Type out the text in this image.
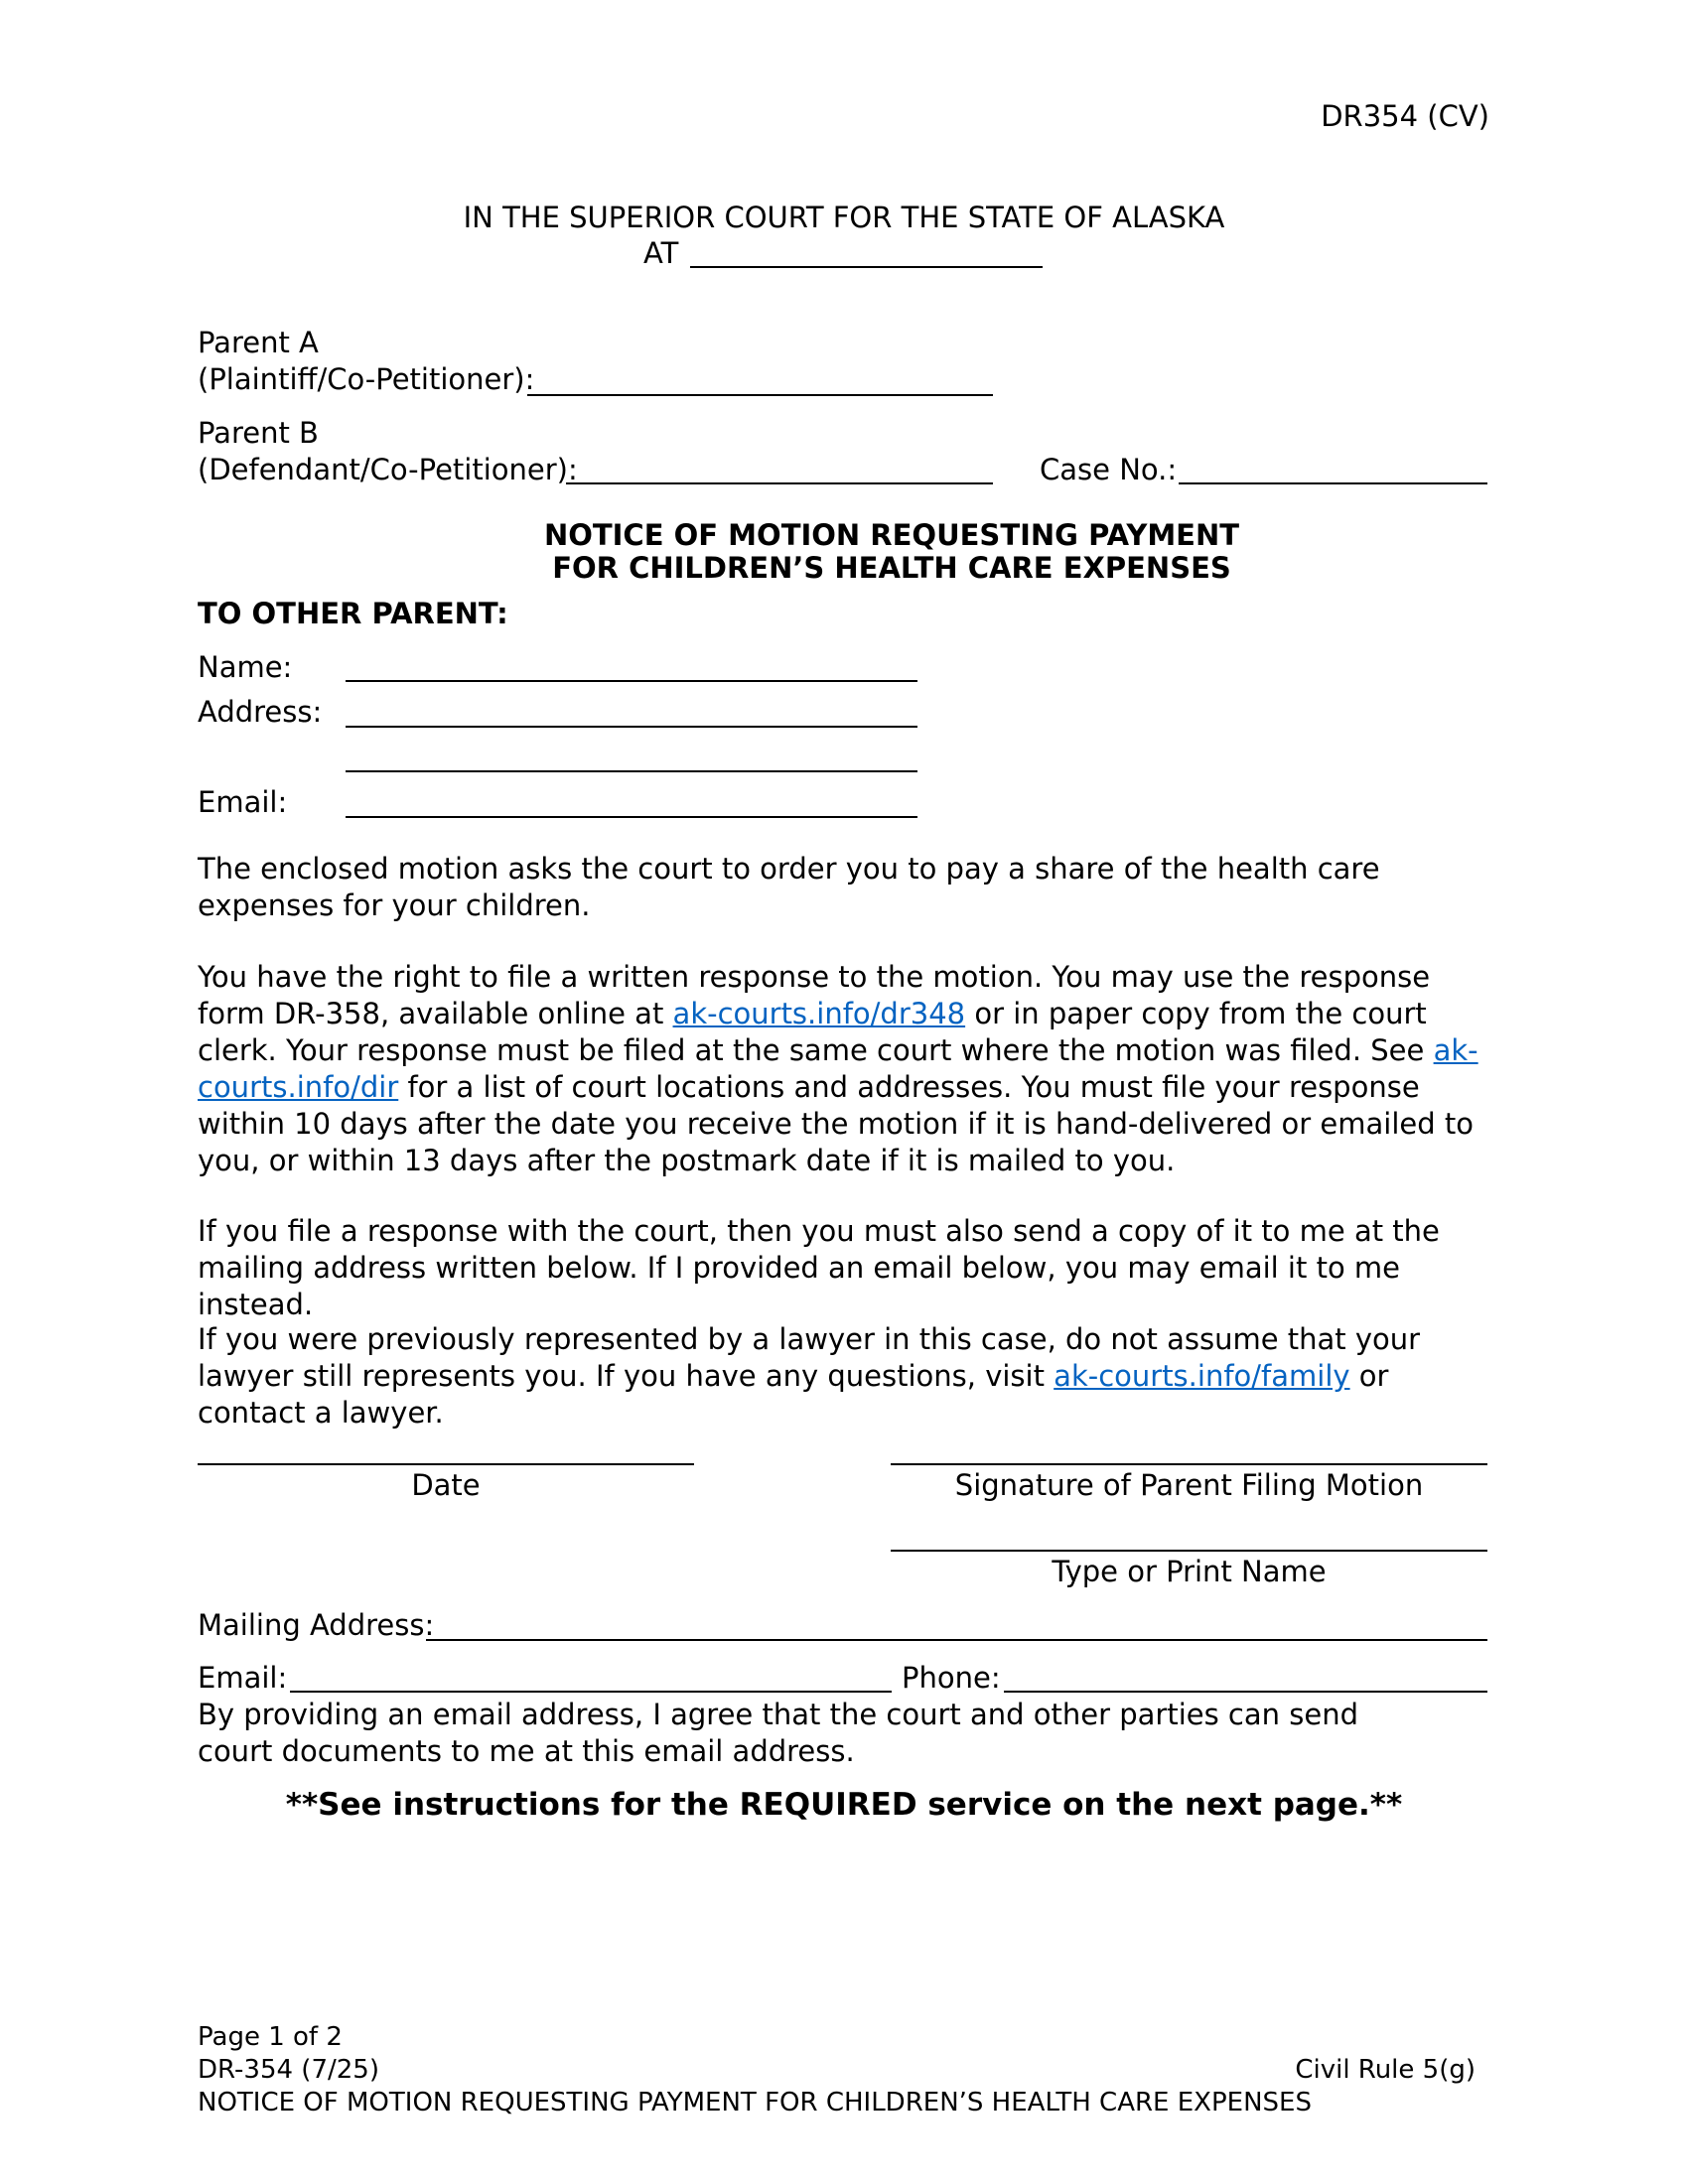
DR354 (CV)
IN THE SUPERIOR COURT FOR THE STATE OF ALASKA
AT
Parent A
(Plaintiff/Co-Petitioner):
Parent B
(Defendant/Co-Petitioner):	Case No.:
NOTICE OF MOTION REQUESTING PAYMENT
FOR CHILDREN’S HEALTH CARE EXPENSES
TO OTHER PARENT:
Name:
Address:
Email:
The enclosed motion asks the court to order you to pay a share of the health care expenses for your children.
You have the right to file a written response to the motion. You may use the response form DR-358, available online at ak-courts.info/dr348 or in paper copy from the court clerk. Your response must be filed at the same court where the motion was filed. See ak-courts.info/dir for a list of court locations and addresses. You must file your response within 10 days after the date you receive the motion if it is hand-delivered or emailed to you, or within 13 days after the postmark date if it is mailed to you.
If you file a response with the court, then you must also send a copy of it to me at the mailing address written below. If I provided an email below, you may email it to me instead.
If you were previously represented by a lawyer in this case, do not assume that your lawyer still represents you. If you have any questions, visit ak-courts.info/family or contact a lawyer.
Date	Signature of Parent Filing Motion
Type or Print Name
Mailing Address:
Email:	Phone:
By providing an email address, I agree that the court and other parties can send court documents to me at this email address.
**See instructions for the REQUIRED service on the next page.**
Page 1 of 2
DR-354 (7/25)	Civil Rule 5(g)
NOTICE OF MOTION REQUESTING PAYMENT FOR CHILDREN’S HEALTH CARE EXPENSES
